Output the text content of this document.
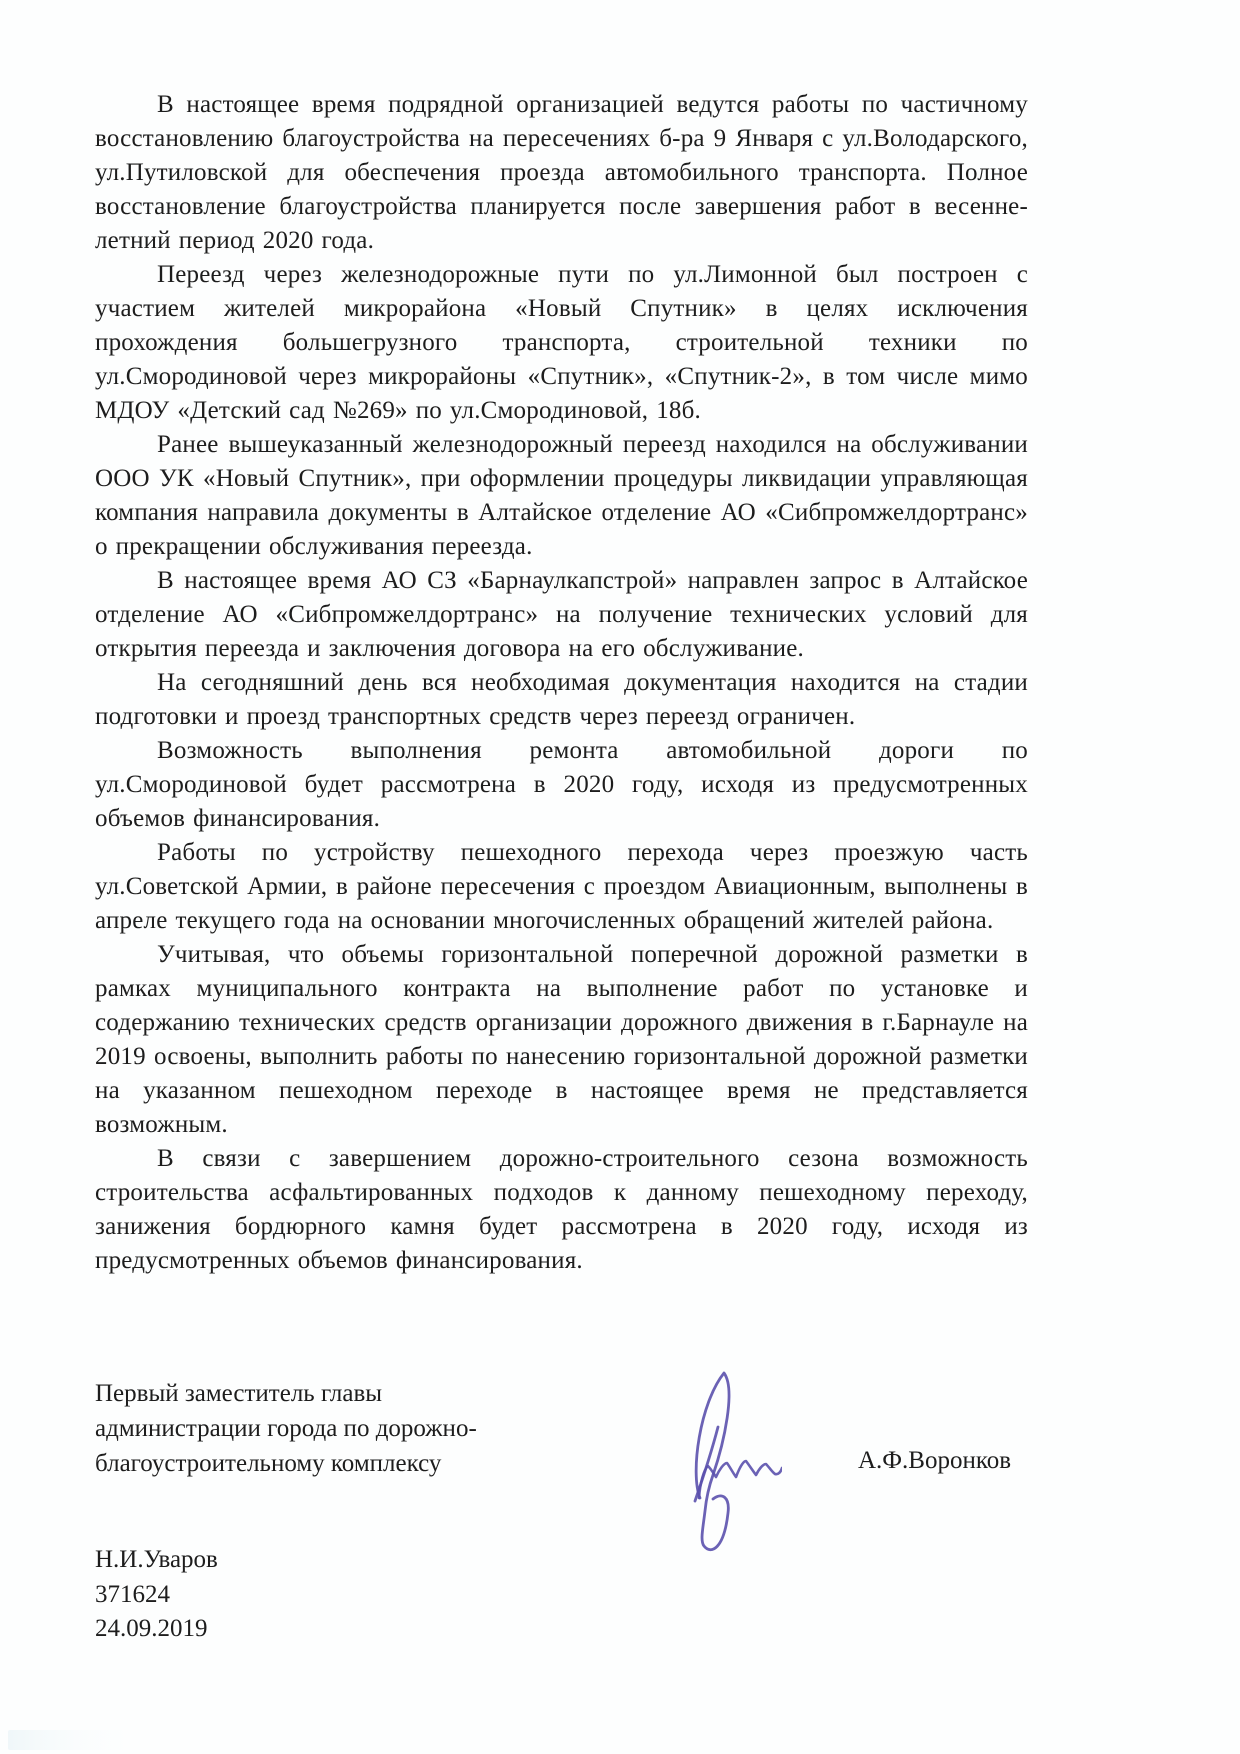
В настоящее время подрядной организацией ведутся работы по частичному восстановлению благоустройства на пересечениях б-ра 9 Января с ул.Володарского, ул.Путиловской для обеспечения проезда автомобильного транспорта. Полное восстановление благоустройства планируется после завершения работ в весенне-летний период 2020 года.

Переезд через железнодорожные пути по ул.Лимонной был построен с участием жителей микрорайона «Новый Спутник» в целях исключения прохождения большегрузного транспорта, строительной техники по ул.Смородиновой через микрорайоны «Спутник», «Спутник-2», в том числе мимо МДОУ «Детский сад №269» по ул.Смородиновой, 18б.

Ранее вышеуказанный железнодорожный переезд находился на обслуживании ООО УК «Новый Спутник», при оформлении процедуры ликвидации управляющая компания направила документы в Алтайское отделение АО «Сибпромжелдортранс» о прекращении обслуживания переезда.

В настоящее время АО СЗ «Барнаулкапстрой» направлен запрос в Алтайское отделение АО «Сибпромжелдортранс» на получение технических условий для открытия переезда и заключения договора на его обслуживание.

На сегодняшний день вся необходимая документация находится на стадии подготовки и проезд транспортных средств через переезд ограничен.

Возможность выполнения ремонта автомобильной дороги по ул.Смородиновой будет рассмотрена в 2020 году, исходя из предусмотренных объемов финансирования.

Работы по устройству пешеходного перехода через проезжую часть ул.Советской Армии, в районе пересечения с проездом Авиационным, выполнены в апреле текущего года на основании многочисленных обращений жителей района.

Учитывая, что объемы горизонтальной поперечной дорожной разметки в рамках муниципального контракта на выполнение работ по установке и содержанию технических средств организации дорожного движения в г.Барнауле на 2019 освоены, выполнить работы по нанесению горизонтальной дорожной разметки на указанном пешеходном переходе в настоящее время не представляется возможным.

В связи с завершением дорожно-строительного сезона возможность строительства асфальтированных подходов к данному пешеходному переходу, занижения бордюрного камня будет рассмотрена в 2020 году, исходя из предусмотренных объемов финансирования.

Первый заместитель главы
администрации города по дорожно-
благоустроительному комплексу	А.Ф.Воронков
Н.И.Уваров
371624
24.09.2019
